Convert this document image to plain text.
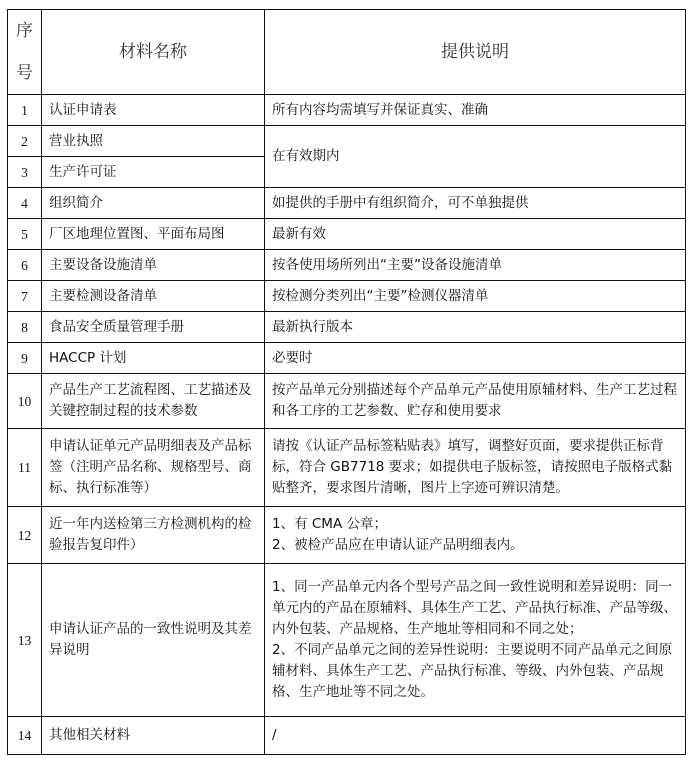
序
号	材料名称	提供说明
1	认证申请表	所有内容均需填写并保证真实、准确
2	营业执照	在有效期内
3	生产许可证	
4	组织简介	如提供的手册中有组织简介，可不单独提供
5	厂区地理位置图、平面布局图	最新有效
6	主要设备设施清单	按各使用场所列出“主要”设备设施清单
7	主要检测设备清单	按检测分类列出“主要”检测仪器清单
8	食品安全质量管理手册	最新执行版本
9	HACCP 计划	必要时
10	产品生产工艺流程图、工艺描述及关键控制过程的技术参数	按产品单元分别描述每个产品单元产品使用原辅材料、生产工艺过程和各工序的工艺参数、贮存和使用要求
11	申请认证单元产品明细表及产品标签（注明产品名称、规格型号、商标、执行标准等）	请按《认证产品标签粘贴表》填写，调整好页面，要求提供正标背标，符合 GB7718 要求；如提供电子版标签，请按照电子版格式黏贴整齐，要求图片清晰，图片上字迹可辨识清楚。
12	近一年内送检第三方检测机构的检验报告复印件）	1、有 CMA 公章；
2、被检产品应在申请认证产品明细表内。

13	申请认证产品的一致性说明及其差异说明	1、同一产品单元内各个型号产品之间一致性说明和差异说明：同一单元内的产品在原辅料、具体生产工艺、产品执行标准、产品等级、内外包装、产品规格、生产地址等相同和不同之处；
2、不同产品单元之间的差异性说明：主要说明不同产品单元之间原辅材料、具体生产工艺、产品执行标准、等级、内外包装、产品规格、生产地址等不同之处。

14	其他相关材料	/
